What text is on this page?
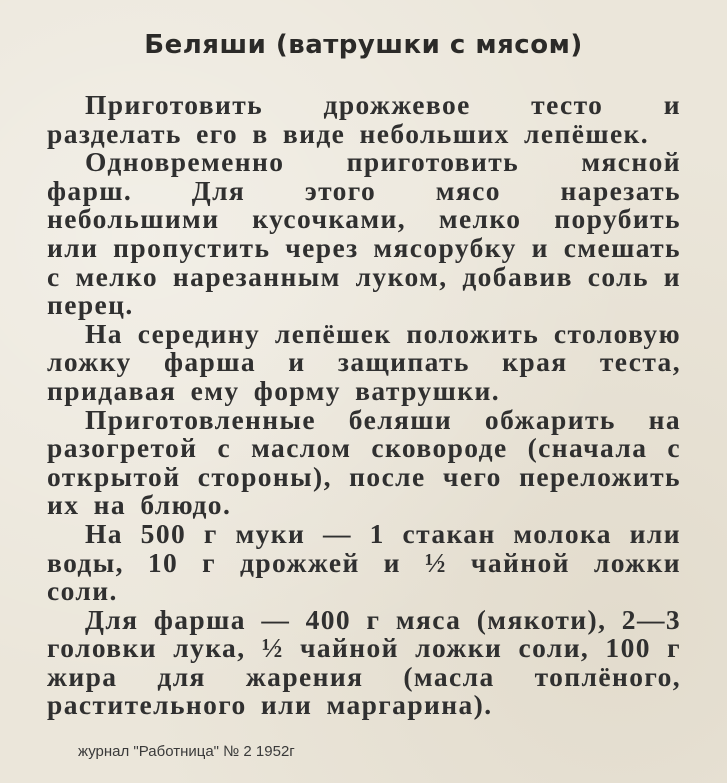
Беляши (ватрушки с мясом)

Приготовить дрожжевое тесто и разделать его в виде небольших лепёшек.

Одновременно приготовить мясной фарш. Для этого мясо нарезать небольшими кусочками, мелко порубить или пропустить через мясорубку и смешать с мелко нарезанным луком, добавив соль и перец.

На середину лепёшек положить столовую ложку фарша и защипать края теста, придавая ему форму ватрушки.

Приготовленные беляши обжарить на разогретой с маслом сковороде (сначала с открытой стороны), после чего переложить их на блюдо.

На 500 г муки — 1 стакан молока или воды, 10 г дрожжей и ½ чайной ложки соли.

Для фарша — 400 г мяса (мякоти), 2—3 головки лука, ½ чайной ложки соли, 100 г жира для жарения (масла топлёного, растительного или маргарина).

журнал "Работница" № 2 1952г
